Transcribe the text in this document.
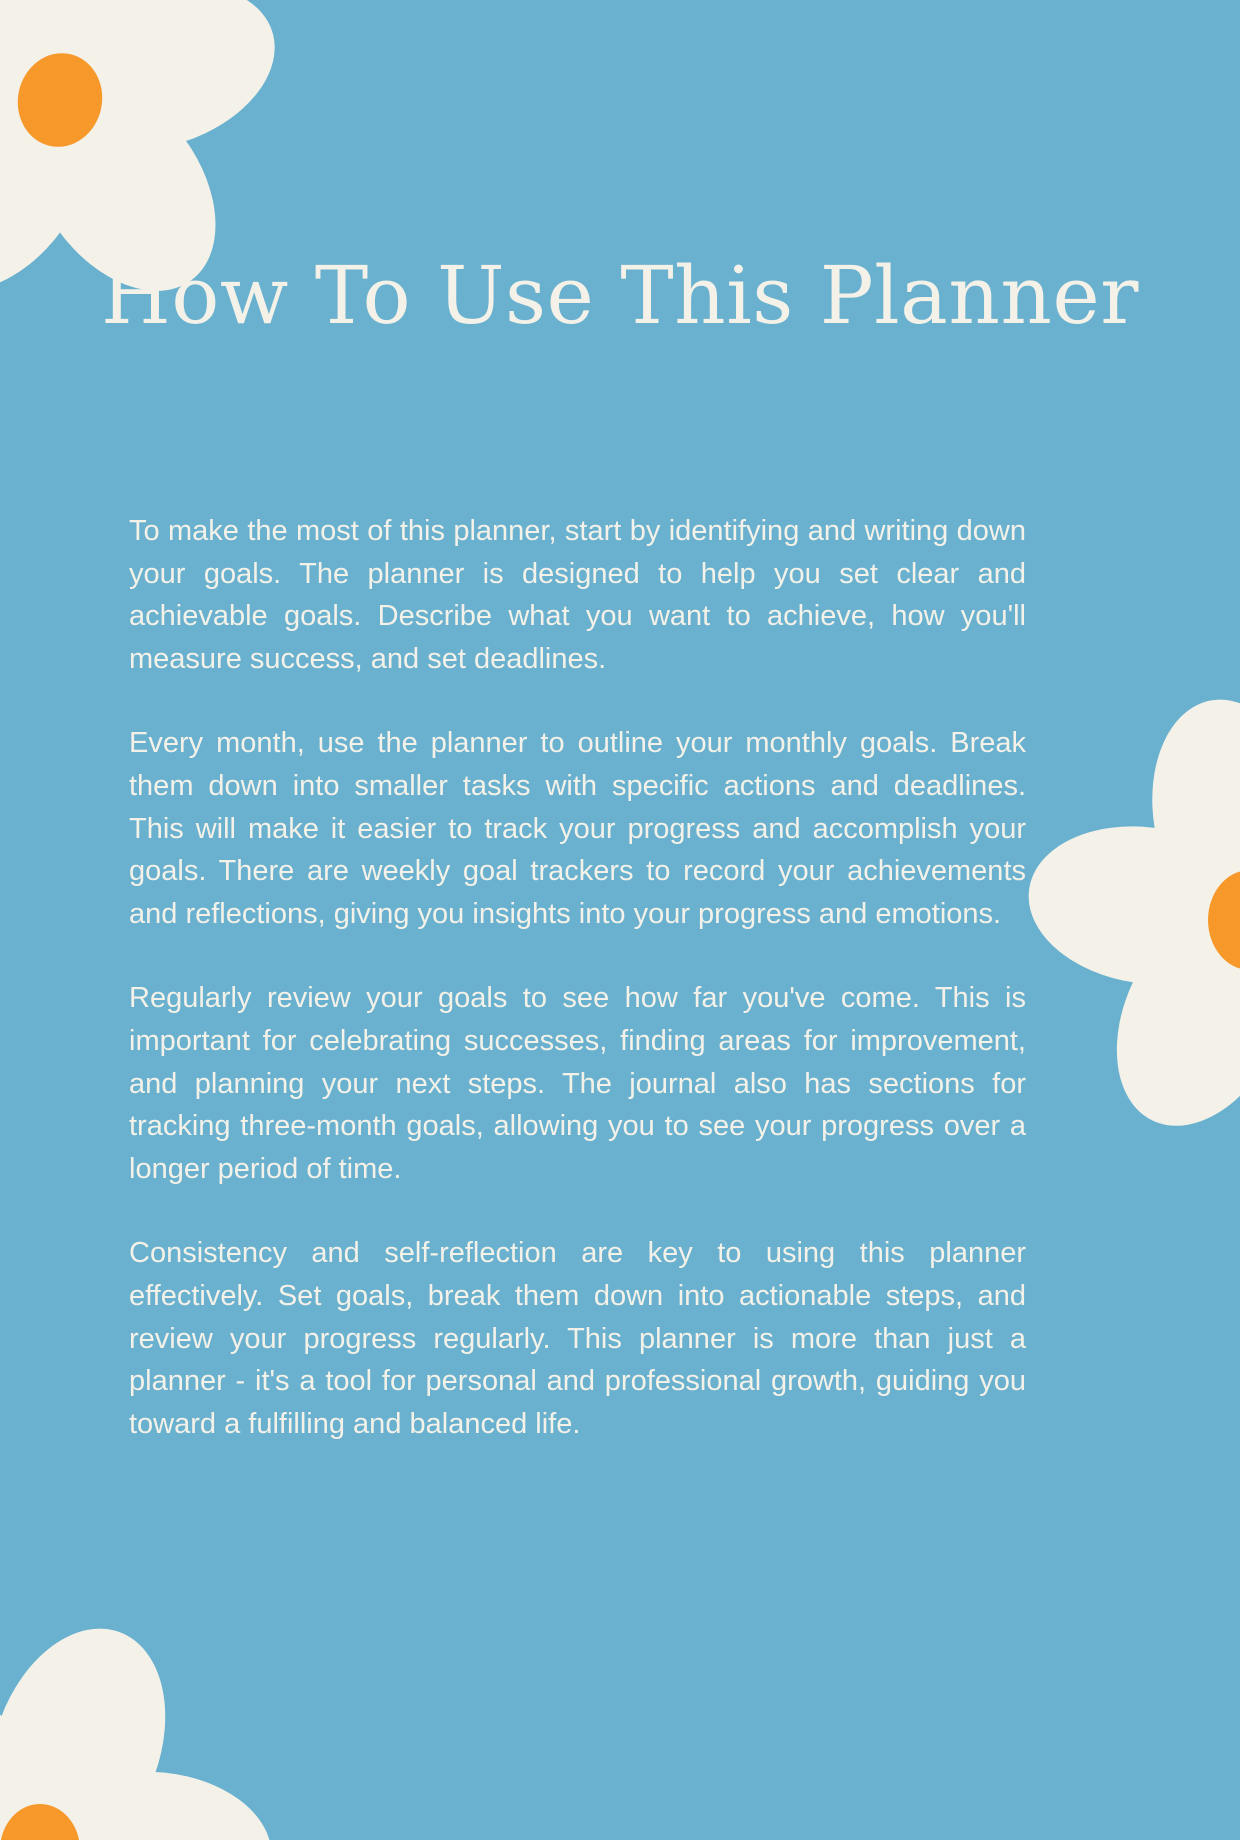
How To Use This Planner

To make the most of this planner, start by identifying and writing down your goals. The planner is designed to help you set clear and achievable goals. Describe what you want to achieve, how you'll measure success, and set deadlines.

Every month, use the planner to outline your monthly goals. Break them down into smaller tasks with specific actions and deadlines. This will make it easier to track your progress and accomplish your goals. There are weekly goal trackers to record your achievements and reflections, giving you insights into your progress and emotions.

Regularly review your goals to see how far you've come. This is important for celebrating successes, finding areas for improvement, and planning your next steps. The journal also has sections for tracking three-month goals, allowing you to see your progress over a longer period of time.

Consistency and self-reflection are key to using this planner effectively. Set goals, break them down into actionable steps, and review your progress regularly. This planner is more than just a planner - it's a tool for personal and professional growth, guiding you toward a fulfilling and balanced life.
